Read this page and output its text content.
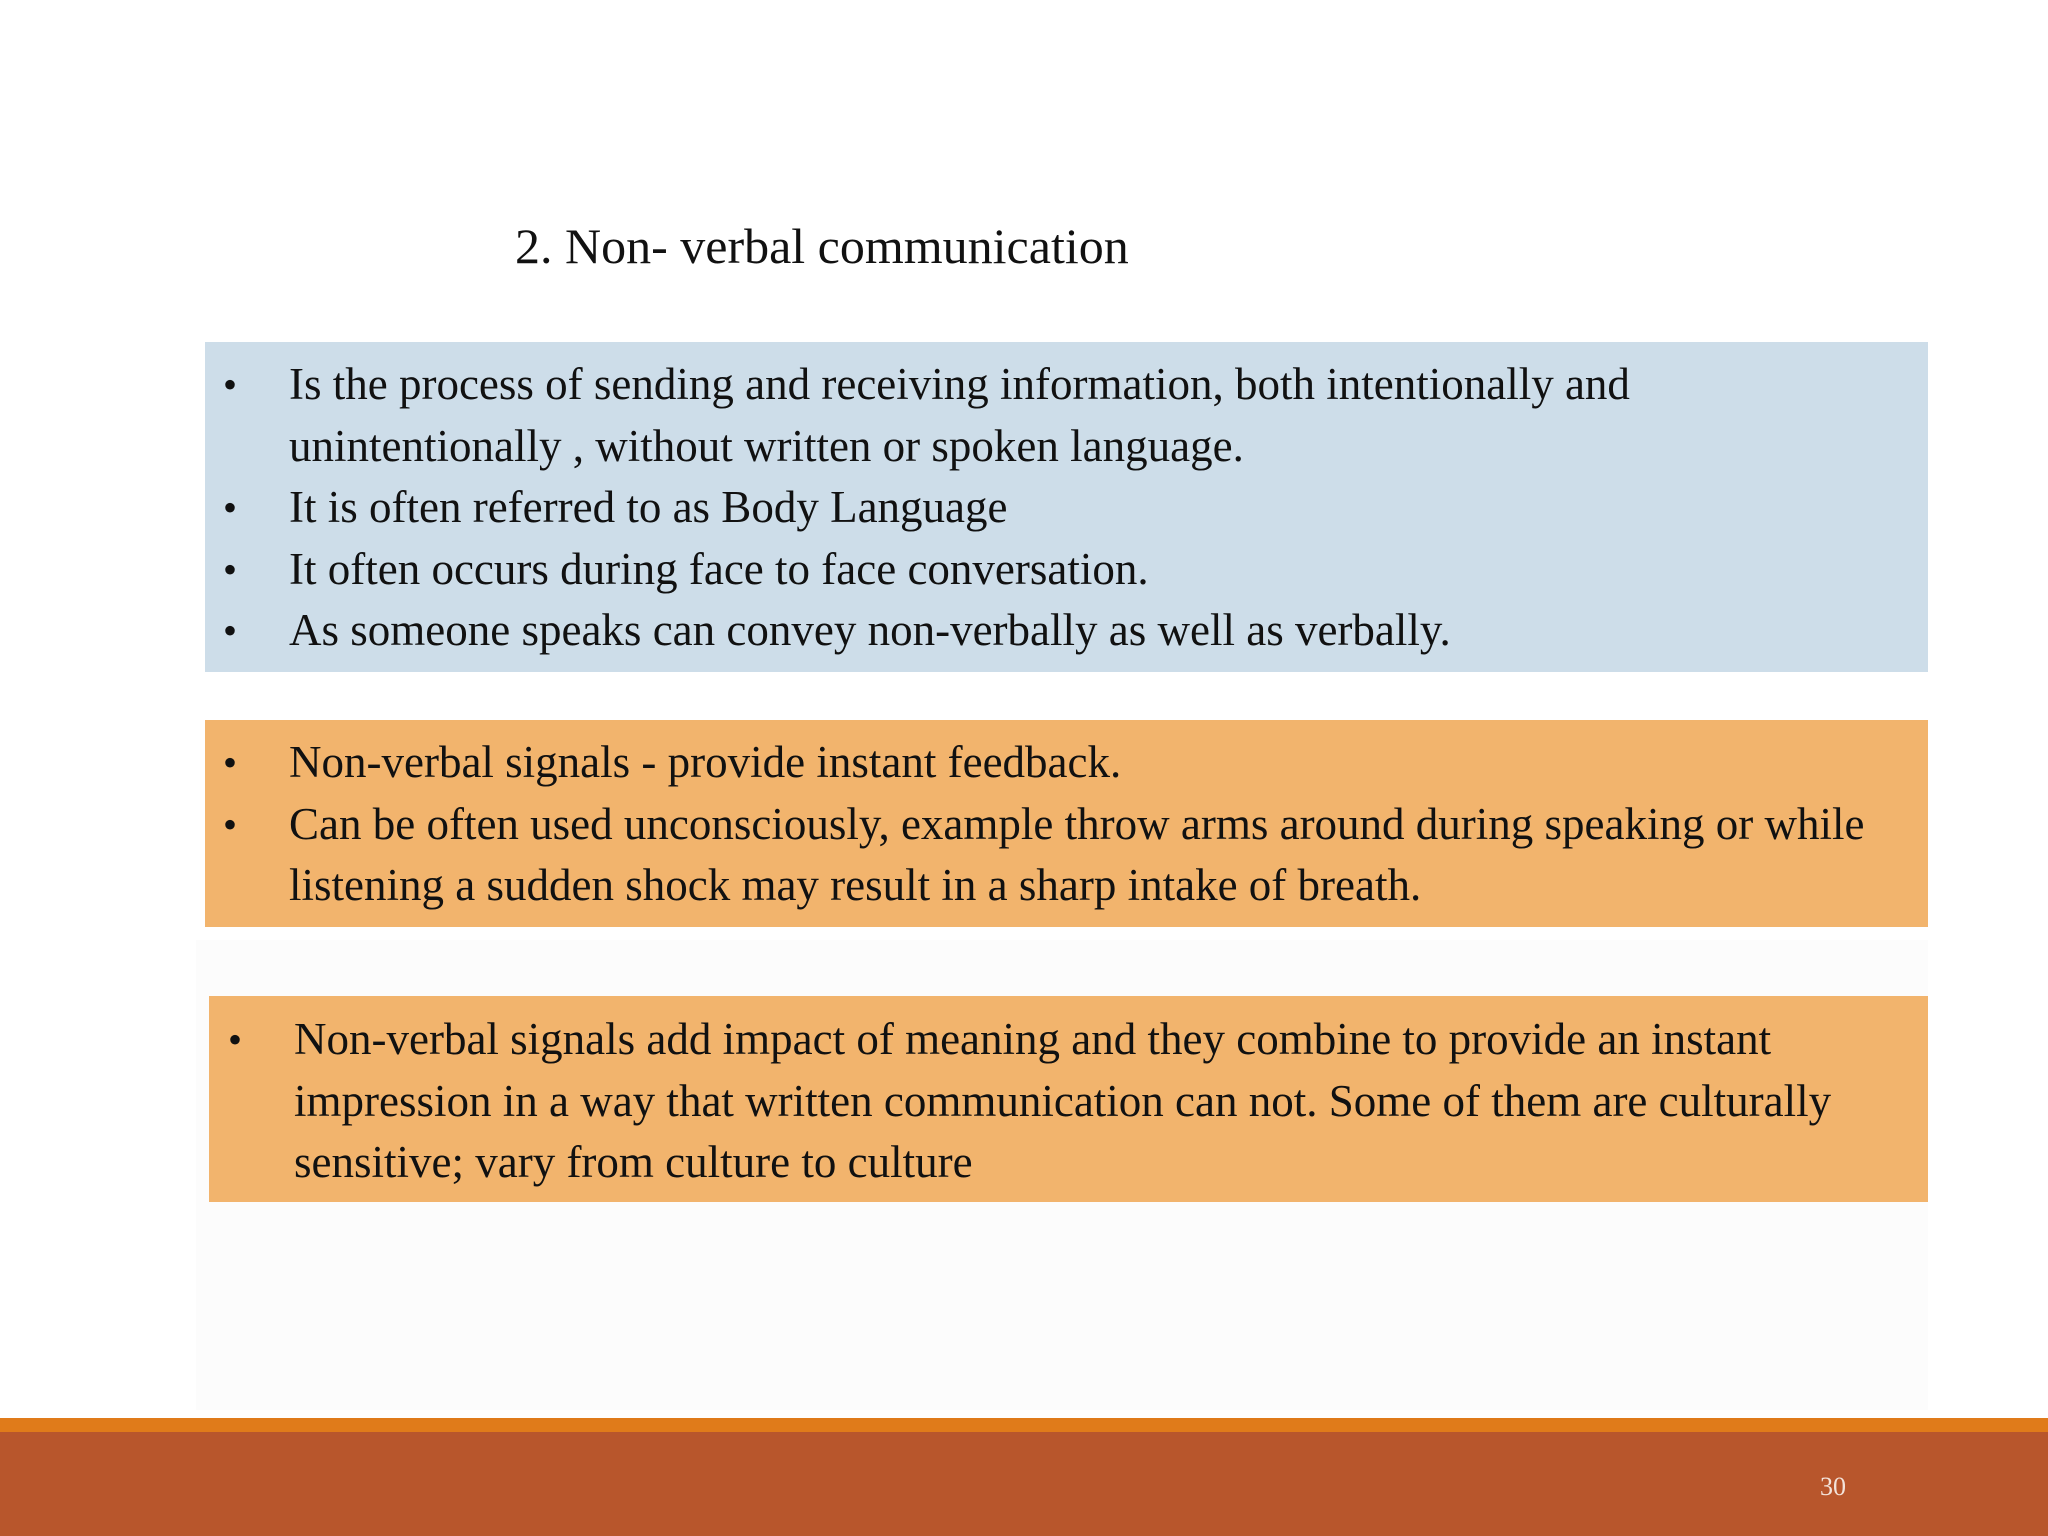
2. Non- verbal communication
• Is the process of sending and receiving information, both intentionally and unintentionally , without written or spoken language.
• It is often referred to as Body Language
• It often occurs during face to face conversation.
• As someone speaks can convey non-verbally as well as verbally.
• Non-verbal signals - provide instant feedback.
• Can be often used unconsciously, example throw arms around during speaking or while listening a sudden shock may result in a sharp intake of breath.
• Non-verbal signals add impact of meaning and they combine to provide an instant impression in a way that written communication can not. Some of them are culturally sensitive; vary from culture to culture
30
